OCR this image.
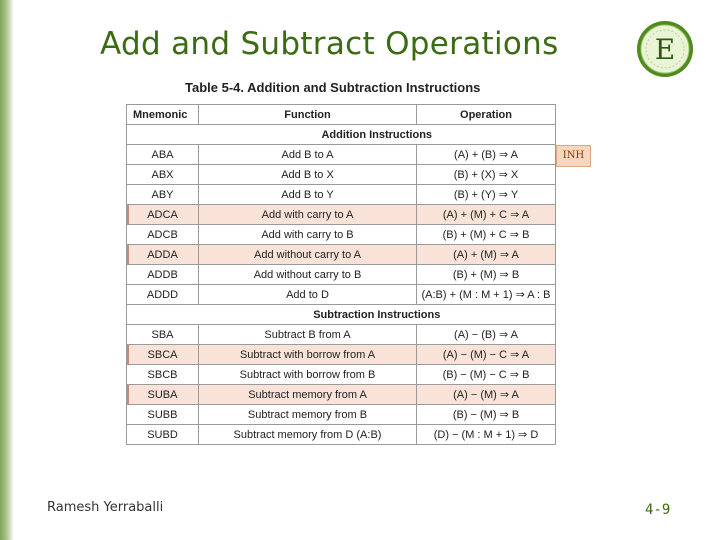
Add and Subtract Operations	E
Table 5-4. Addition and Subtraction Instructions
Mnemonic	Function	Operation
	Addition Instructions	
ABA	Add B to A	(A) + (B) ⇒ A
ABX	Add B to X	(B) + (X) ⇒ X
ABY	Add B to Y	(B) + (Y) ⇒ Y
ADCA	Add with carry to A	(A) + (M) + C ⇒ A
ADCB	Add with carry to B	(B) + (M) + C ⇒ B
ADDA	Add without carry to A	(A) + (M) ⇒ A
ADDB	Add without carry to B	(B) + (M) ⇒ B
ADDD	Add to D	(A:B) + (M : M + 1) ⇒ A : B
	Subtraction Instructions	
SBA	Subtract B from A	(A) − (B) ⇒ A
SBCA	Subtract with borrow from A	(A) − (M) − C ⇒ A
SBCB	Subtract with borrow from B	(B) − (M) − C ⇒ B
SUBA	Subtract memory from A	(A) − (M) ⇒ A
SUBB	Subtract memory from B	(B) − (M) ⇒ B
SUBD	Subtract memory from D (A:B)	(D) − (M : M + 1) ⇒ D
INH
Ramesh Yerraballi	4-9
